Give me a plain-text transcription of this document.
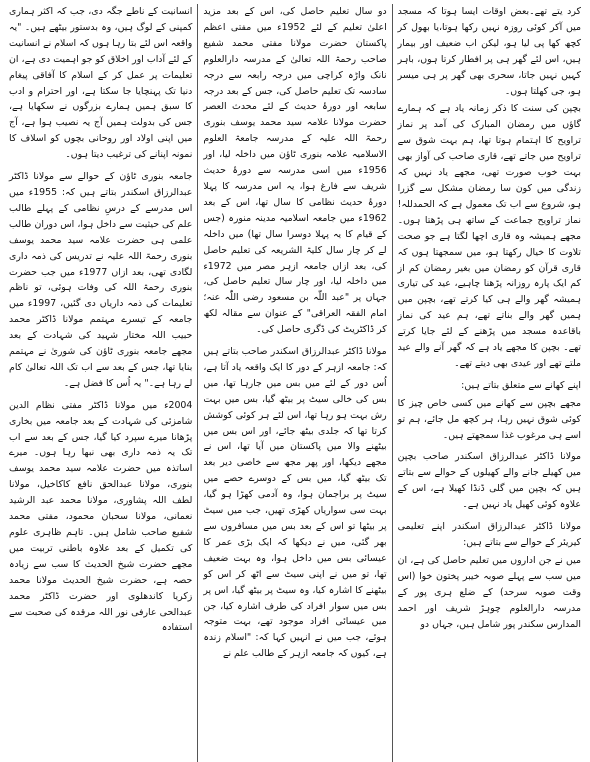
کرد یتے تھے۔بعض اوقات ایسا ہوتا کہ مسجد میں آکر کوئی روزہ نہیں رکھا ہوتا،یا بھول کر کچھ کھا پی لیا ہو، لیکن اب ضعیف اور بیمار ہیں، اس لئے گھر ہی پر افطار کرتا ہوں، باہر کہیں نہیں جاتا، سحری بھی گھر پر ہی میسر ہو، جی کھلتا ہوں۔

بچپن کی سنت کا ذکر زمانہ یاد ہے کہ ہمارے گاؤں میں رمضان المبارک کی آمد پر نماز تراویح کا اہتمام ہوتا تھا، ہم بہت شوق سے تراویح میں جاتے تھے، قاری صاحب کی آواز بھی بہت خوب صورت تھی، مجھے یاد نہیں کہ زندگی میں کون سا رمضان مشکل سے گزرا ہو، شروع سے اب تک معمول ہے کہ الحمدللہ! نماز تراویح جماعت کے ساتھ ہی پڑھتا ہوں۔ مجھے ہمیشہ وہ قاری اچھا لگتا ہے جو صحت تلاوت کا خیال رکھتا ہو، میں سمجھتا ہوں کہ قاری قرآن کو رمضان میں بغیر رمضان کم از کم ایک پارہ روزانہ پڑھنا چاہیے، عید کی تیاری ہمیشہ گھر والے ہی کیا کرتے تھے، بچپن میں ہمیں گھر والے بناتے تھے، ہم عید کی نماز باقاعدہ مسجد میں پڑھنے کے لئے جایا کرتے تھے۔ بچپن کا مجھے یاد ہے کہ گھر آنے والے عید ملتے تھے اور عیدی بھی دیتے تھے۔

اپنے کھانے سے متعلق بتاتے ہیں:

مجھے بچپن سے کھانے میں کسی خاص چیز کا کوئی شوق نہیں رہا، ہر کچھ مل جائے، ہم تو اسے ہی مرغوب غذا سمجھتے ہیں۔

مولانا ڈاکٹر عبدالرزاق اسکندر صاحب بچپن میں کھیلے جانے والے کھیلوں کے حوالے سے بتاتے ہیں کہ بچپن میں گلی ڈنڈا کھیلا ہے، اس کے علاوہ کوئی کھیل یاد نہیں ہے۔

مولانا ڈاکٹر عبدالرزاق اسکندر اپنے تعلیمی کیریئر کے حوالے سے بتاتے ہیں:

میں نے جن اداروں میں تعلیم حاصل کی ہے، ان میں سب سے پہلے صوبہ خیبر پختون خوا (اس وقت صوبہ سرحد) کے ضلع ہری پور کے مدرسہ دارالعلوم چوہڑ شریف اور احمد المدارس سکندر پور شامل ہیں، جہاں دو

دو سال تعلیم حاصل کی، اس کے بعد مزید اعلیٰ تعلیم کے لئے 1952ء میں مفتی اعظم پاکستان حضرت مولانا مفتی محمد شفیع صاحب رحمۃ اللہ تعالیٰ کے مدرسہ دارالعلوم نانک واڑہ کراچی میں درجہ رابعہ سے درجہ سادسہ تک تعلیم حاصل کی، جس کے بعد درجہ سابعہ اور دورۂ حدیث کے لئے محدث العصر حضرت مولانا علامہ سید محمد یوسف بنوری رحمۃ اللہ علیہ کے مدرسہ جامعۃ العلوم الاسلامیہ علامہ بنوری ٹاؤن میں داخلہ لیا، اور 1956ء میں اسی مدرسہ سے دورۂ حدیث شریف سے فارغ ہوا، یہ اس مدرسہ کا پہلا دورۂ حدیث نظامی کا سال تھا، اس کے بعد 1962ء میں جامعہ اسلامیہ مدینہ منورہ (جس کے قیام کا یہ پہلا دوسرا سال تھا) میں داخلہ لے کر چار سال کلیۃ الشریعہ کی تعلیم حاصل کی، بعد ازاں جامعہ ازہر مصر میں 1972ء میں داخلہ لیا، اور چار سال تعلیم حاصل کی، جہاں پر "عبد اللّٰہ بن مسعود رضی اللّٰہ عنہ؛ امام الفقہ العراقی" کے عنوان سے مقالہ لکھ کر ڈاکٹریٹ کی ڈگری حاصل کی۔

مولانا ڈاکٹر عبدالرزاق اسکندر صاحب بتاتے ہیں کہ: جامعہ ازہر کے دور کا ایک واقعہ یاد آتا ہے، اُس دور کے لئے میں بس میں جارہا تھا، میں بس کی خالی سیٹ پر بیٹھ گیا، بس میں بہت رش بہت ہو رہا تھا، اس لئے ہر کوئی کوشش کرتا تھا کہ جلدی بیٹھ جائے، اور اس بس میں بیٹھنے والا میں پاکستان میں آیا تھا، اس نے مجھے دیکھا، اور پھر مجھ سے خاصی دیر بعد تک بیٹھ گیا، میں بس کے دوسرے حصے میں سیٹ پر براجمان ہوا، وہ آدمی کھڑا ہو گیا، بہت سی سواریاں کھڑی تھیں، جب میں سیٹ پر بیٹھا تو اس کے بعد بس میں مسافروں سے بھر گئی، میں نے دیکھا کہ ایک بڑی عمر کا عیسائی بس میں داخل ہوا، وہ بہت ضعیف تھا، تو میں نے اپنی سیٹ سے اٹھ کر اس کو بیٹھنے کا اشارہ کیا، وہ سیٹ پر بیٹھ گیا، اس پر بس میں سوار افراد کی طرف اشارہ کیا، جن میں عیسائی افراد موجود تھے، بہت متوجہ ہوئے، جب میں نے انہیں کہا کہ: "اسلام زندہ ہے، کیوں کہ جامعہ ازہر کے طالب علم نے

انسانیت کے ناطے جگہ دی، جب کہ اکثر ہماری کمپنی کے لوگ ہیں، وہ بدستور بیٹھے ہیں۔ "یہ واقعہ اس لئے بتا رہا ہوں کہ اسلام نے انسانیت کے لئے آداب اور اخلاق کو جو اہمیت دی ہے، ان تعلیمات پر عمل کر کے اسلام کا آفاقی پیغام دنیا تک پہنچایا جا سکتا ہے، اور احترام و ادب کا سبق ہمیں ہمارے بزرگوں نے سکھایا ہے، جس کی بدولت ہمیں آج یہ نصیب ہوا ہے، آج میں اپنی اولاد اور روحانی بچوں کو اسلاف کا نمونہ اپنانے کی ترغیب دیتا ہوں۔

جامعہ بنوری ٹاؤن کے حوالے سے مولانا ڈاکٹر عبدالرزاق اسکندر بتاتے ہیں کہ: 1955ء میں اس مدرسے کے درسِ نظامی کے پہلے طالب علم کی حیثیت سے داخل ہوا، اس دوران طالب علمی ہی حضرت علامہ سید محمد یوسف بنوری رحمۃ اللہ علیہ نے تدریس کی ذمہ داری لگادی تھی، بعد ازاں 1977ء میں جب حضرت بنوری رحمۃ اللہ کی وفات ہوئی، تو ناظم تعلیمات کی ذمہ داریاں دی گئیں، 1997ء میں جامعہ کے تیسرے مہتمم مولانا ڈاکٹر محمد حبیب اللہ مختار شہید کی شہادت کے بعد مجھے جامعہ بنوری ٹاؤن کی شوریٰ نے مہتمم بنایا تھا، جس کے بعد سے اب تک اللہ تعالیٰ کام لے رہا ہے۔" یہ اُس کا فضل ہے۔

2004ء میں مولانا ڈاکٹر مفتی نظام الدین شامزئی کی شہادت کے بعد جامعہ میں بخاری پڑھانا میرے سپرد کیا گیا، جس کے بعد سے اب تک یہ ذمہ داری بھی نبھا رہا ہوں۔ میرے اساتذہ میں حضرت علامہ سید محمد یوسف بنوری، مولانا عبدالحق نافع کاکاخیل، مولانا لطف اللہ پشاوری، مولانا محمد عبد الرشید نعمانی، مولانا سحبان محمود، مفتی محمد شفیع صاحب شامل ہیں۔ تاہم ظاہری علوم کی تکمیل کے بعد علاوہ باطنی تربیت میں مجھے حضرت شیخ الحدیث کا سب سے زیادہ حصہ ہے، حضرت شیخ الحدیث مولانا محمد زکریا کاندھلوی اور حضرت ڈاکٹر محمد عبدالحی عارفی نور اللہ مرقدہ کی صحبت سے استفادہ
